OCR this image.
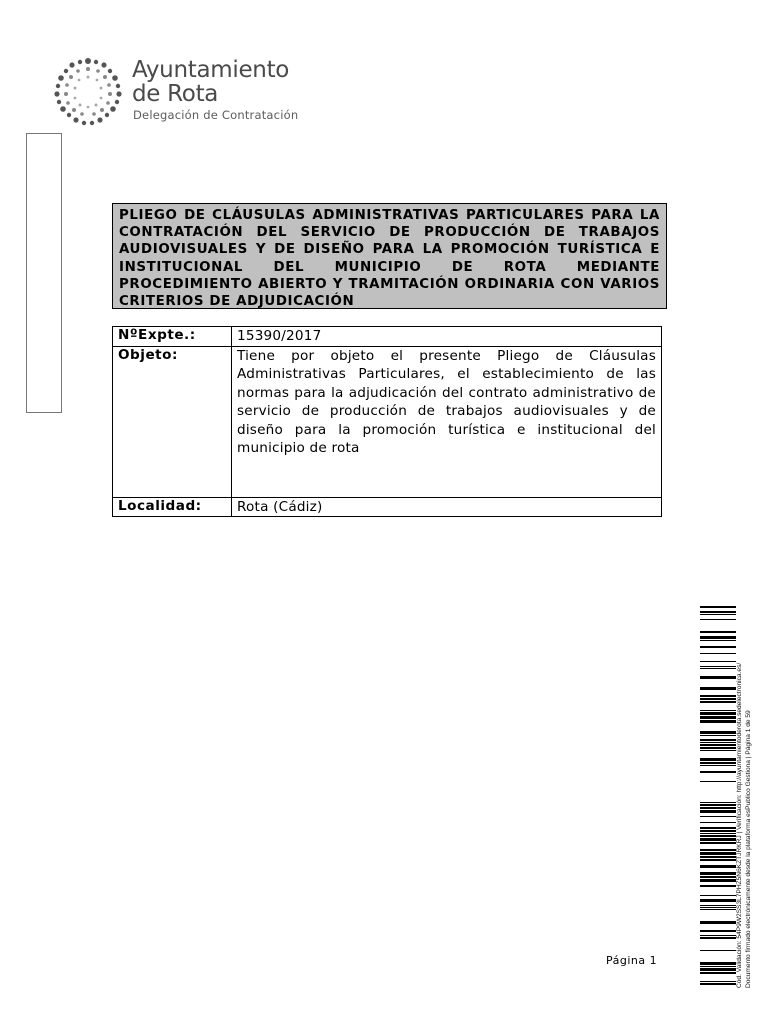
Ayuntamiento
de Rota
Delegación de Contratación

PLIEGO DE CLÁUSULAS ADMINISTRATIVAS PARTICULARES PARA LA CONTRATACIÓN DEL SERVICIO DE PRODUCCIÓN DE TRABAJOS AUDIOVISUALES Y DE DISEÑO PARA LA PROMOCIÓN TURÍSTICA E INSTITUCIONAL DEL MUNICIPIO DE ROTA MEDIANTE PROCEDIMIENTO ABIERTO Y TRAMITACIÓN ORDINARIA CON VARIOS CRITERIOS DE ADJUDICACIÓN

NºExpte.:	15390/2017
Objeto:	Tiene por objeto el presente Pliego de Cláusulas Administrativas Particulares, el establecimiento de las normas para la adjudicación del contrato administrativo de servicio de producción de trabajos audiovisuales y de diseño para la promoción turística e institucional del municipio de rota
Localidad:	Rota (Cádiz)
Página 1	Cód. Validación: 54P9W2SS3L7PHZ5N6KZTJRKRJ | Verificación: http://ayuntamientoderota.sedelectronica.es/ Documento firmado electrónicamente desde la plataforma esPublico Gestiona | Página 1 de 59
